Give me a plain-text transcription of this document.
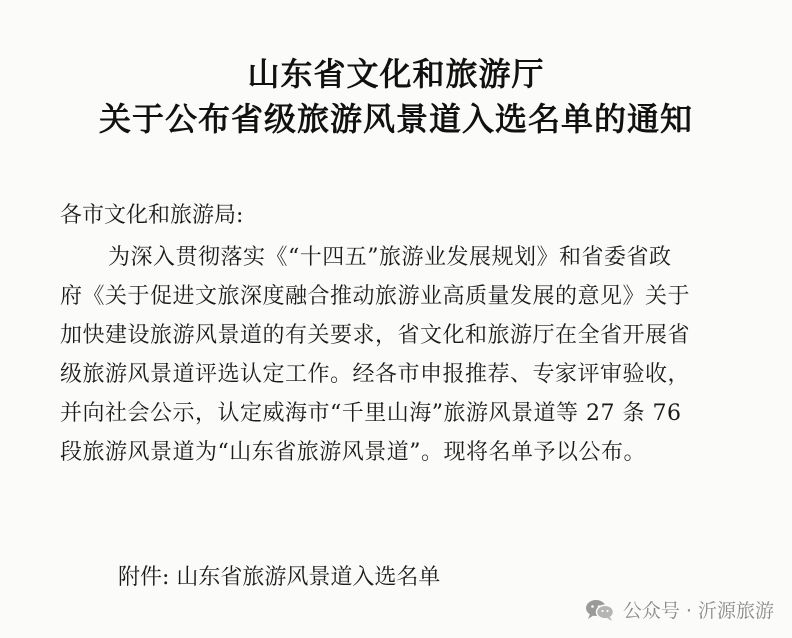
山东省文化和旅游厅
关于公布省级旅游风景道入选名单的通知
各市文化和旅游局:
为深入贯彻落实《“十四五”旅游业发展规划》和省委省政
府《关于促进文旅深度融合推动旅游业高质量发展的意见》关于
加快建设旅游风景道的有关要求，省文化和旅游厅在全省开展省
级旅游风景道评选认定工作。经各市申报推荐、专家评审验收，
并向社会公示，认定威海市“千里山海”旅游风景道等 27 条 76
段旅游风景道为“山东省旅游风景道”。现将名单予以公布。
附件: 山东省旅游风景道入选名单
公众号 · 沂源旅游
